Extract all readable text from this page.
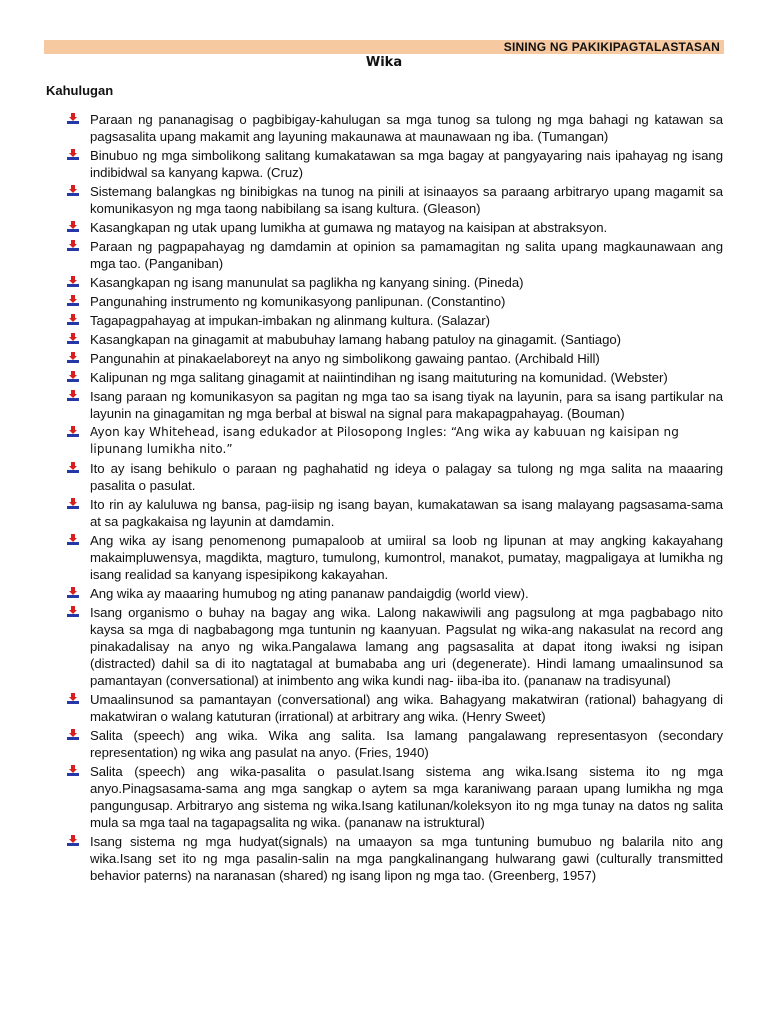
SINING NG PAKIKIPAGTALASTASAN
Wika
Kahulugan
Paraan ng pananagisag o pagbibigay-kahulugan sa mga tunog sa tulong ng mga bahagi ng katawan sa pagsasalita upang makamit ang layuning makaunawa at maunawaan ng iba. (Tumangan)
Binubuo ng mga simbolikong salitang kumakatawan sa mga bagay at pangyayaring nais ipahayag ng isang indibidwal sa kanyang kapwa. (Cruz)
Sistemang balangkas ng binibigkas na tunog na pinili at isinaayos sa paraang arbitraryo upang magamit sa komunikasyon ng mga taong nabibilang sa isang kultura. (Gleason)
Kasangkapan ng utak upang lumikha at gumawa ng matayog na kaisipan at abstraksyon.
Paraan ng pagpapahayag ng damdamin at opinion sa pamamagitan ng salita upang magkaunawaan ang mga tao. (Panganiban)
Kasangkapan ng isang manunulat sa paglikha ng kanyang sining. (Pineda)
Pangunahing instrumento ng komunikasyong panlipunan. (Constantino)
Tagapagpahayag at impukan-imbakan ng alinmang kultura. (Salazar)
Kasangkapan na ginagamit at mabubuhay lamang habang patuloy na ginagamit. (Santiago)
Pangunahin at pinakaelaboreyt na anyo ng simbolikong gawaing pantao. (Archibald Hill)
Kalipunan ng mga salitang ginagamit at naiintindihan ng isang maituturing na komunidad. (Webster)
Isang paraan ng komunikasyon sa pagitan ng mga tao sa isang tiyak na layunin, para sa isang partikular na layunin na ginagamitan ng mga berbal at biswal na signal para makapagpahayag. (Bouman)
Ayon kay Whitehead, isang edukador at Pilosopong Ingles: “Ang wika ay kabuuan ng kaisipan ng lipunang lumikha nito.”
Ito ay isang behikulo o paraan ng paghahatid ng ideya o palagay sa tulong ng mga salita na maaaring pasalita o pasulat.
Ito rin ay kaluluwa ng bansa, pag-iisip ng isang bayan, kumakatawan sa isang malayang pagsasama-sama at sa pagkakaisa ng layunin at damdamin.
Ang wika ay isang penomenong pumapaloob at umiiral sa loob ng lipunan at may angking kakayahang makaimpluwensya, magdikta, magturo, tumulong, kumontrol, manakot, pumatay, magpaligaya at lumikha ng isang realidad sa kanyang ispesipikong kakayahan.
Ang wika ay maaaring humubog ng ating pananaw pandaigdig (world view).
Isang organismo o buhay na bagay ang wika. Lalong nakawiwili ang pagsulong at mga pagbabago nito kaysa sa mga di nagbabagong mga tuntunin ng kaanyuan. Pagsulat ng wika-ang nakasulat na record ang pinakadalisay na anyo ng wika.Pangalawa lamang ang pagsasalita at dapat itong iwaksi ng isipan (distracted) dahil sa di ito nagtatagal at bumababa ang uri (degenerate). Hindi lamang umaalinsunod sa pamantayan (conversational) at inimbento ang wika kundi nag- iiba-iba ito. (pananaw na tradisyunal)
Umaalinsunod sa pamantayan (conversational) ang wika. Bahagyang makatwiran (rational) bahagyang di makatwiran o walang katuturan (irrational) at arbitrary ang wika. (Henry Sweet)
Salita (speech) ang wika. Wika ang salita. Isa lamang pangalawang representasyon (secondary representation) ng wika ang pasulat na anyo. (Fries, 1940)
Salita (speech) ang wika-pasalita o pasulat.Isang sistema ang wika.Isang sistema ito ng mga anyo.Pinagsasama-sama ang mga sangkap o aytem sa mga karaniwang paraan upang lumikha ng mga pangungusap. Arbitraryo ang sistema ng wika.Isang katilunan/koleksyon ito ng mga tunay na datos ng salita mula sa mga taal na tagapagsalita ng wika. (pananaw na istruktural)
Isang sistema ng mga hudyat(signals) na umaayon sa mga tuntuning bumubuo ng balarila nito ang wika.Isang set ito ng mga pasalin-salin na mga pangkalinangang hulwarang gawi (culturally transmitted behavior paterns) na naranasan (shared) ng isang lipon ng mga tao. (Greenberg, 1957)
